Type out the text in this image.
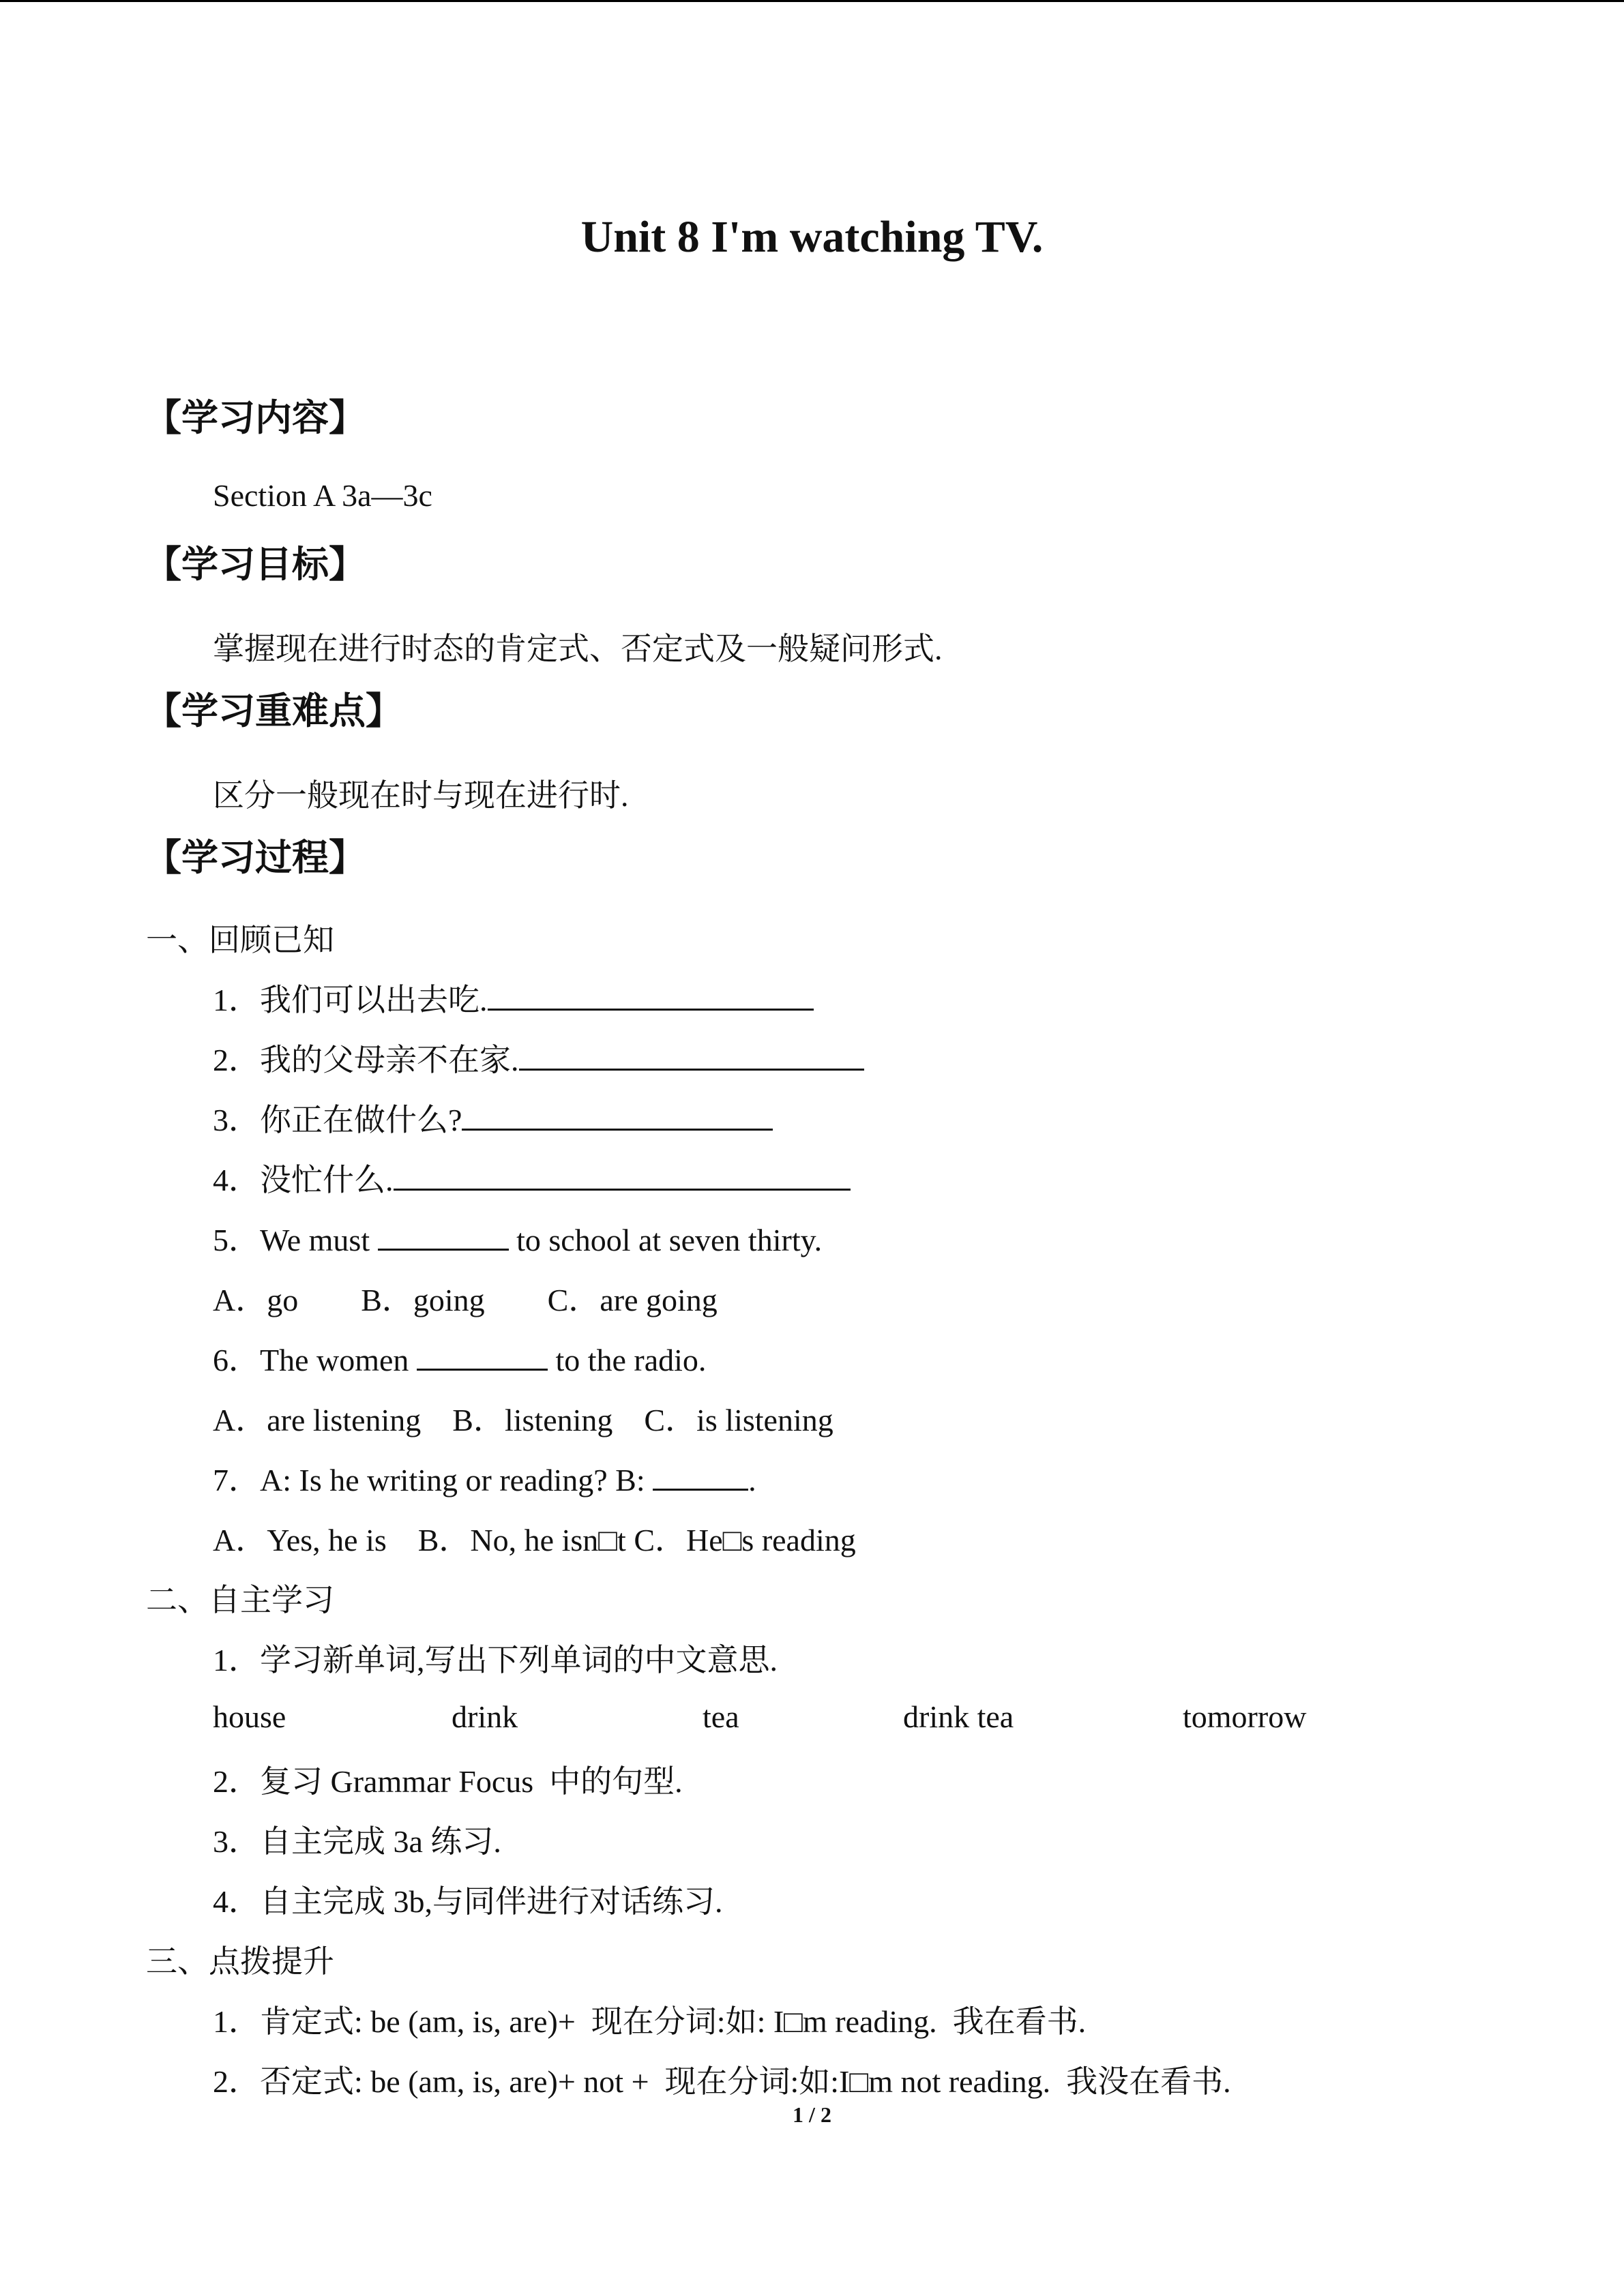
Unit 8 I'm watching TV.
【学习内容】
Section A 3a—3c
【学习目标】
掌握现在进行时态的肯定式、否定式及一般疑问形式.
【学习重难点】
区分一般现在时与现在进行时.
【学习过程】
一、回顾已知
1．我们可以出去吃.
2．我的父母亲不在家.
3．你正在做什么?
4．没忙什么.
5．We must	to school at seven thirty.
A．go        B．going        C．are going
6．The women	to the radio.
A．are listening    B．listening    C．is listening
7．A: Is he writing or reading? B:	.
A．Yes, he is    B．No, he isn□t C．He□s reading
二、自主学习
1．学习新单词,写出下列单词的中文意思.
house	drink	tea	drink tea	tomorrow
2．复习 Grammar Focus  中的句型.
3．自主完成 3a 练习.
4．自主完成 3b,与同伴进行对话练习.
三、点拨提升
1．肯定式: be (am, is, are)+  现在分词:如: I□m reading.  我在看书.
2．否定式: be (am, is, are)+ not +  现在分词:如:I□m not reading.  我没在看书.
1 / 2
